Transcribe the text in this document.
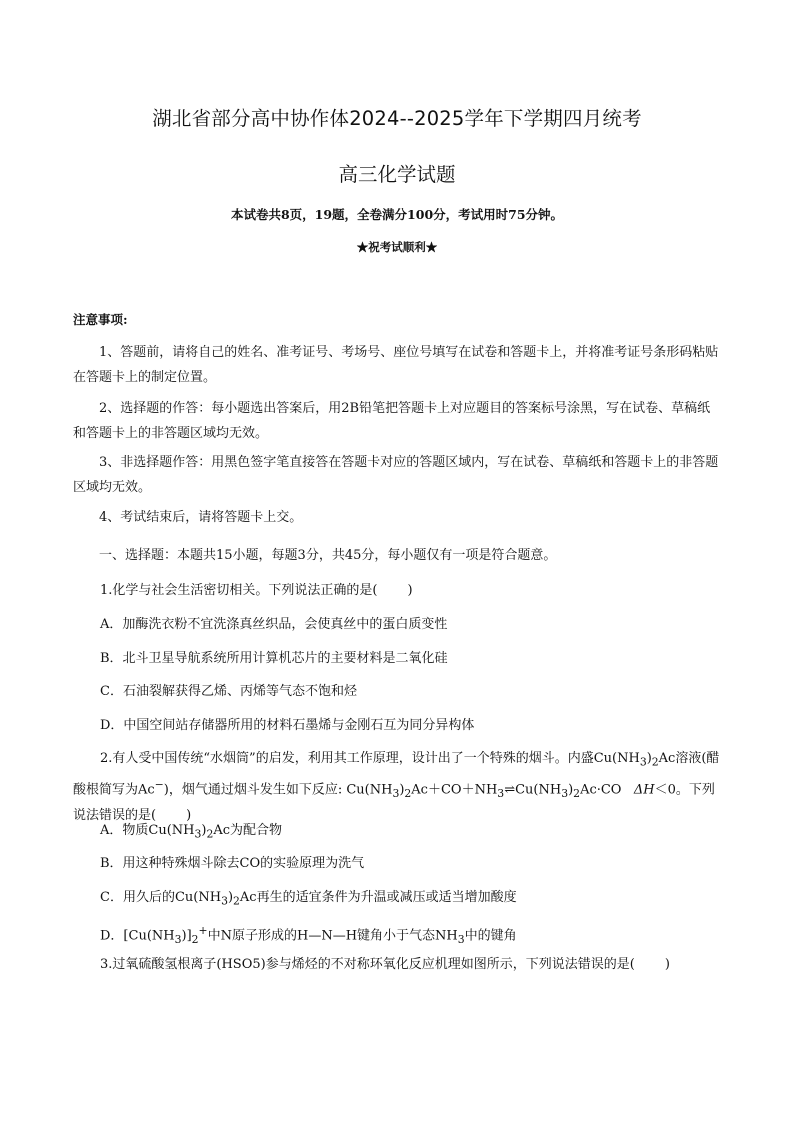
湖北省部分高中协作体2024--2025学年下学期四月统考
高三化学试题
本试卷共8页，19题，全卷满分100分，考试用时75分钟。
★祝考试顺利★
注意事项:
1、答题前，请将自己的姓名、准考证号、考场号、座位号填写在试卷和答题卡上，并将准考证号条形码粘贴在答题卡上的制定位置。
2、选择题的作答：每小题选出答案后，用2B铅笔把答题卡上对应题目的答案标号涂黑，写在试卷、草稿纸和答题卡上的非答题区域均无效。
3、非选择题作答：用黑色签字笔直接答在答题卡对应的答题区域内，写在试卷、草稿纸和答题卡上的非答题区域均无效。
4、考试结束后，请将答题卡上交。
一、选择题：本题共15小题，每题3分，共45分，每小题仅有一项是符合题意。
1.化学与社会生活密切相关。下列说法正确的是( )
A．加酶洗衣粉不宜洗涤真丝织品，会使真丝中的蛋白质变性
B．北斗卫星导航系统所用计算机芯片的主要材料是二氧化硅
C．石油裂解获得乙烯、丙烯等气态不饱和烃
D．中国空间站存储器所用的材料石墨烯与金刚石互为同分异构体
2.有人受中国传统“水烟筒”的启发，利用其工作原理，设计出了一个特殊的烟斗。内盛$Cu(NH_3)_2Ac$溶液(醋酸根简写为Ac−)，烟气通过烟斗发生如下反应: $Cu(NH_3)_2Ac+CO+NH_3\rightleftharpoons Cu(NH_3)_2Ac\cdot CO$ ΔH＜0。下列说法错误的是( )
A．物质$Cu(NH_3)_2Ac$为配合物
B．用这种特殊烟斗除去CO的实验原理为洗气
C．用久后的$Cu(NH_3)_2Ac$再生的适宜条件为升温或减压或适当增加酸度
D．$[Cu(NH_3)]_2^+$中N原子形成的H—N—H键角小于气态$NH_3$中的键角
3.过氧硫酸氢根离子(HSO5)参与烯烃的不对称环氧化反应机理如图所示，下列说法错误的是( )
